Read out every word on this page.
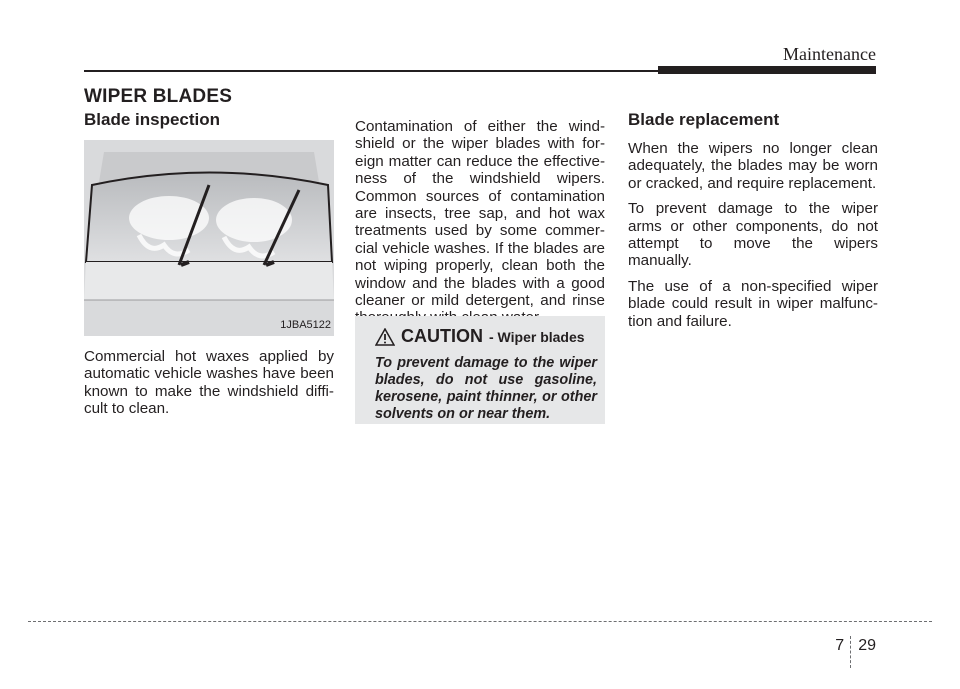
Maintenance
WIPER BLADES
Blade inspection
1JBA5122

Commercial hot waxes applied by automatic vehicle washes have been known to make the windshield diffi-cult to clean.

Contamination of either the wind-shield or the wiper blades with for-eign matter can reduce the effective-ness of the windshield wipers. Common sources of contamination are insects, tree sap, and hot wax treatments used by some commer-cial vehicle washes. If the blades are not wiping properly, clean both the window and the blades with a good cleaner or mild detergent, and rinse

CAUTION - Wiper blades

To prevent damage to the wiper blades, do not use gasoline, kerosene, paint thinner, or other solvents on or near them.

Blade replacement

When the wipers no longer clean adequately, the blades may be worn or cracked, and require replacement.

To prevent damage to the wiper arms or other components, do not attempt to move the wipers manually.

The use of a non-specified wiper blade could result in wiper malfunc-tion and failure.

7 29
